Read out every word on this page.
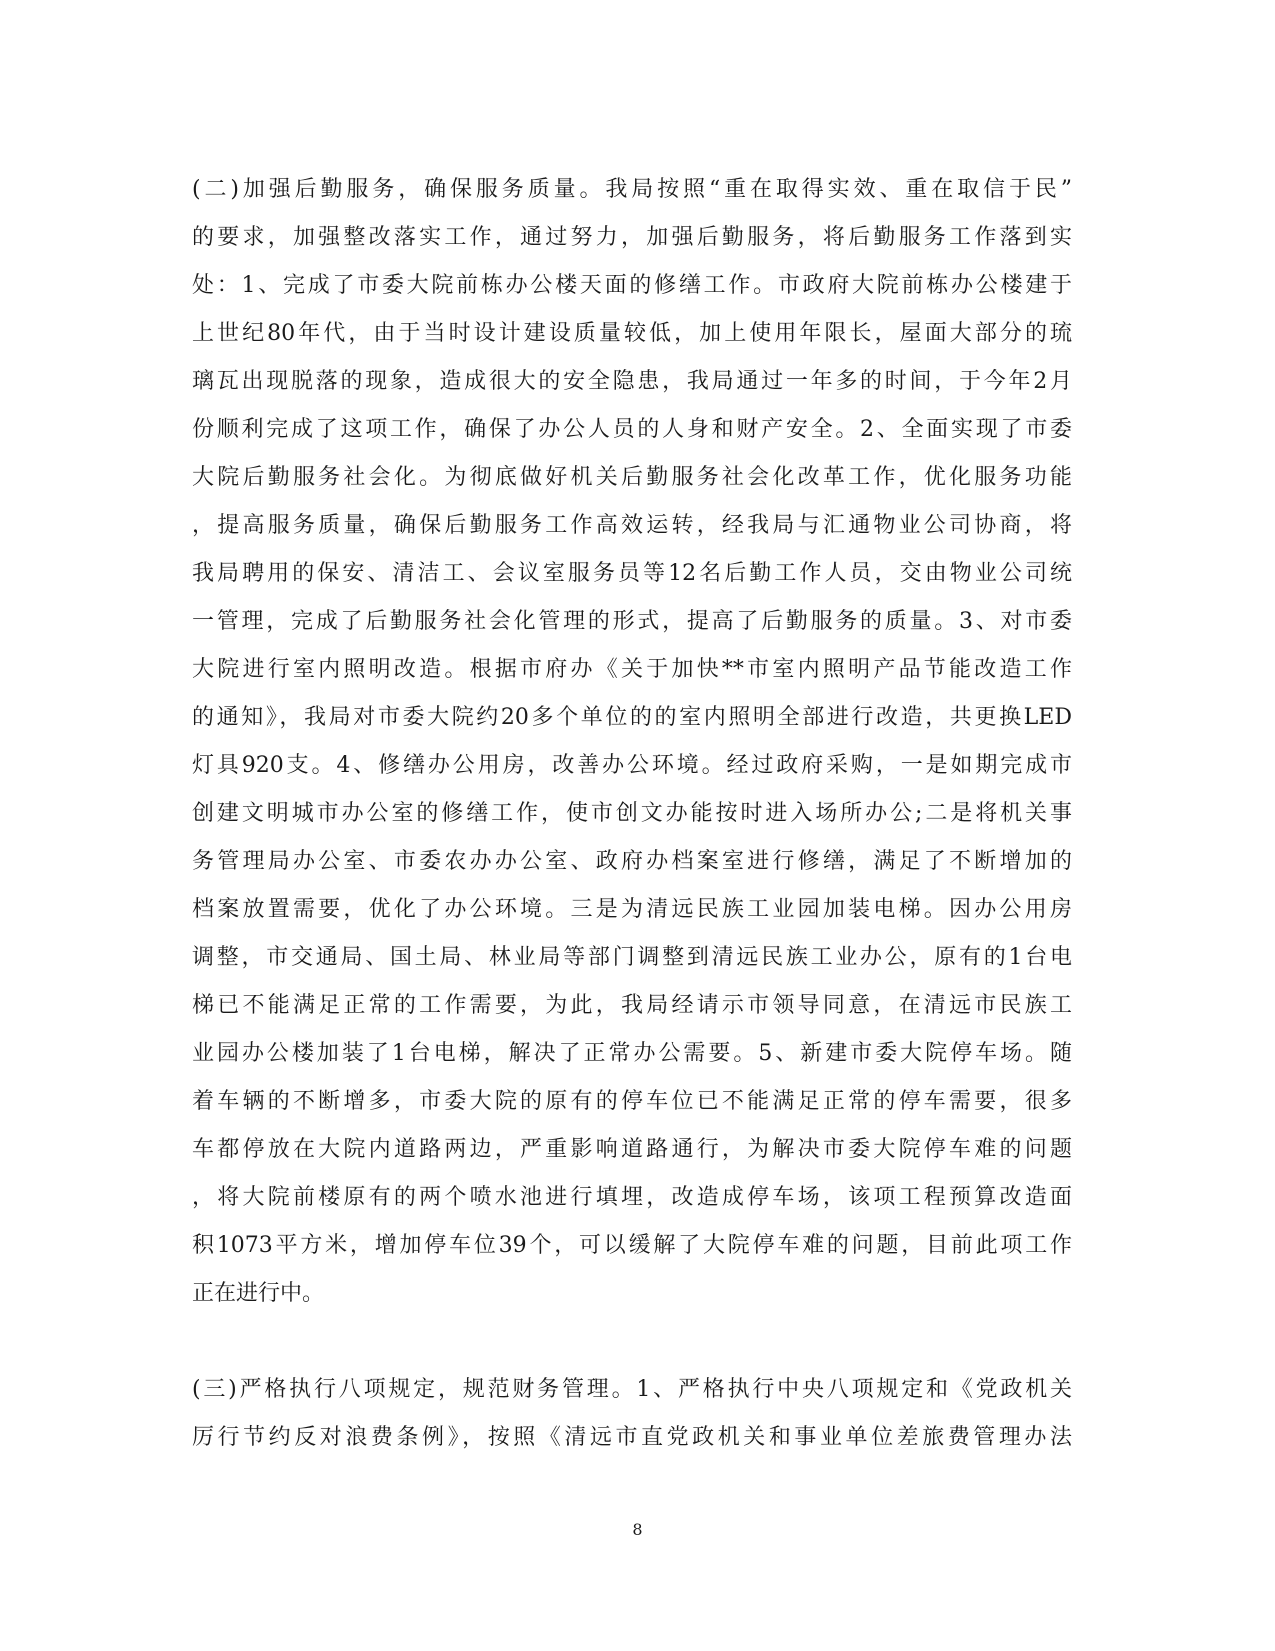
(二)加强后勤服务，确保服务质量。我局按照“重在取得实效、重在取信于民”
的要求，加强整改落实工作，通过努力，加强后勤服务，将后勤服务工作落到实
处：1、完成了市委大院前栋办公楼天面的修缮工作。市政府大院前栋办公楼建于
上世纪80年代，由于当时设计建设质量较低，加上使用年限长，屋面大部分的琉
璃瓦出现脱落的现象，造成很大的安全隐患，我局通过一年多的时间，于今年2月
份顺利完成了这项工作，确保了办公人员的人身和财产安全。2、全面实现了市委
大院后勤服务社会化。为彻底做好机关后勤服务社会化改革工作，优化服务功能
，提高服务质量，确保后勤服务工作高效运转，经我局与汇通物业公司协商，将
我局聘用的保安、清洁工、会议室服务员等12名后勤工作人员，交由物业公司统
一管理，完成了后勤服务社会化管理的形式，提高了后勤服务的质量。3、对市委
大院进行室内照明改造。根据市府办《关于加快**市室内照明产品节能改造工作
的通知》，我局对市委大院约20多个单位的的室内照明全部进行改造，共更换LED
灯具920支。4、修缮办公用房，改善办公环境。经过政府采购，一是如期完成市
创建文明城市办公室的修缮工作，使市创文办能按时进入场所办公;二是将机关事
务管理局办公室、市委农办办公室、政府办档案室进行修缮，满足了不断增加的
档案放置需要，优化了办公环境。三是为清远民族工业园加装电梯。因办公用房
调整，市交通局、国土局、林业局等部门调整到清远民族工业办公，原有的1台电
梯已不能满足正常的工作需要，为此，我局经请示市领导同意，在清远市民族工
业园办公楼加装了1台电梯，解决了正常办公需要。5、新建市委大院停车场。随
着车辆的不断增多，市委大院的原有的停车位已不能满足正常的停车需要，很多
车都停放在大院内道路两边，严重影响道路通行，为解决市委大院停车难的问题
，将大院前楼原有的两个喷水池进行填埋，改造成停车场，该项工程预算改造面
积1073平方米，增加停车位39个，可以缓解了大院停车难的问题，目前此项工作
正在进行中。
(三)严格执行八项规定，规范财务管理。1、严格执行中央八项规定和《党政机关
厉行节约反对浪费条例》，按照《清远市直党政机关和事业单位差旅费管理办法
8
